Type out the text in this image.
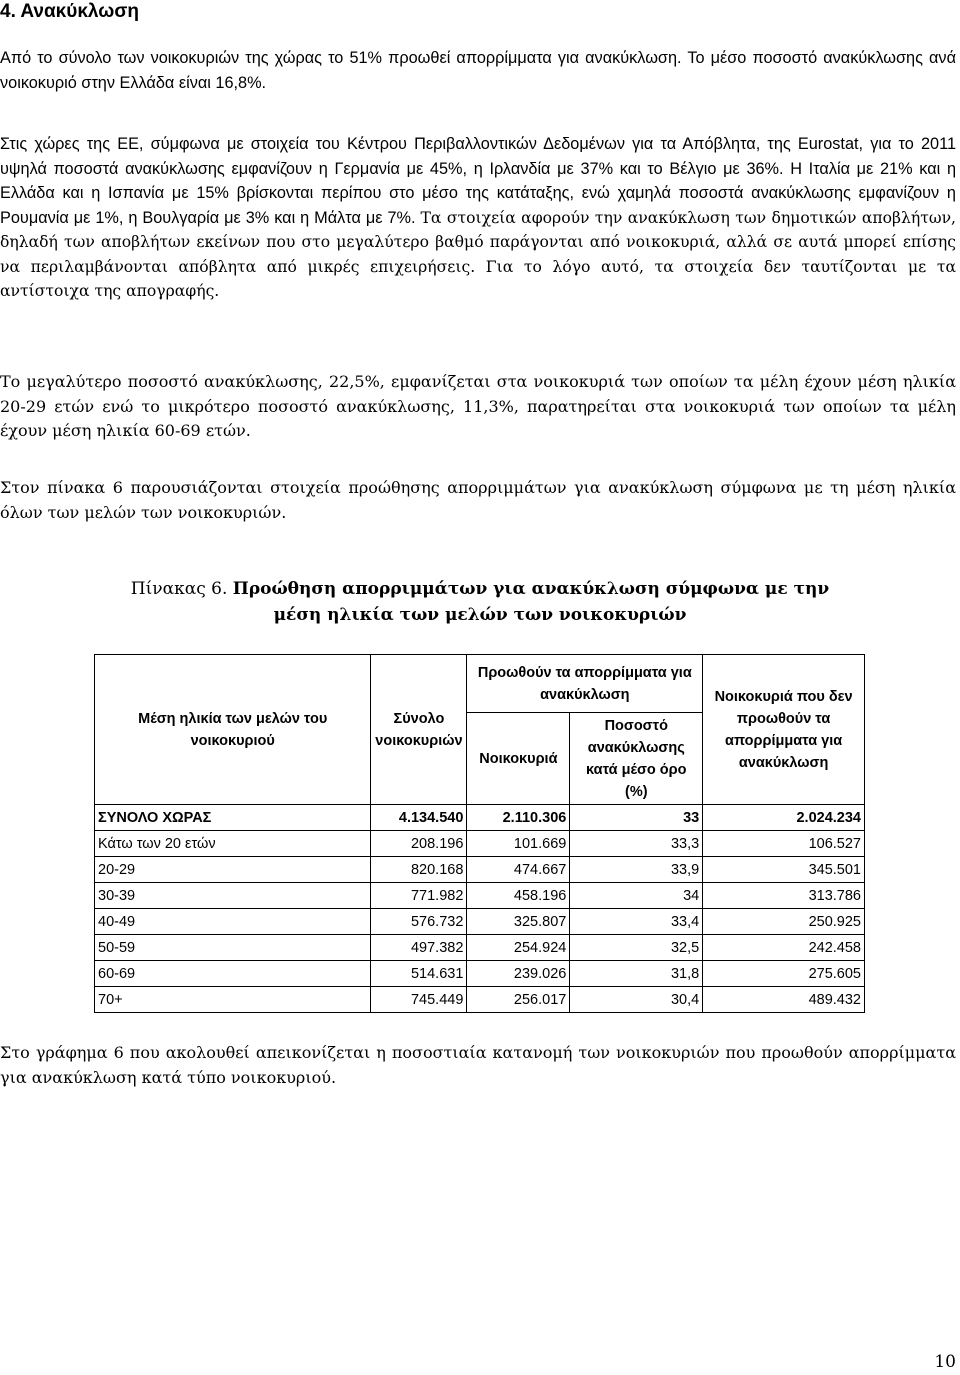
4. Ανακύκλωση

Από το σύνολο των νοικοκυριών της χώρας το 51% προωθεί απορρίμματα για ανακύκλωση. Το μέσο ποσοστό ανακύκλωσης ανά νοικοκυριό στην Ελλάδα είναι 16,8%.

Στις χώρες της ΕΕ, σύμφωνα με στοιχεία του Κέντρου Περιβαλλοντικών Δεδομένων για τα Απόβλητα, της Eurostat, για το 2011 υψηλά ποσοστά ανακύκλωσης εμφανίζουν η Γερμανία με 45%, η Ιρλανδία με 37% και το Βέλγιο με 36%. Η Ιταλία με 21% και η Ελλάδα και η Ισπανία με 15% βρίσκονται περίπου στο μέσο της κατάταξης, ενώ χαμηλά ποσοστά ανακύκλωσης εμφανίζουν η Ρουμανία με 1%, η Βουλγαρία με 3% και η Μάλτα με 7%. Τα στοιχεία αφορούν την ανακύκλωση των δημοτικών αποβλήτων, δηλαδή των αποβλήτων εκείνων που στο μεγαλύτερο βαθμό παράγονται από νοικοκυριά, αλλά σε αυτά μπορεί επίσης να περιλαμβάνονται απόβλητα από μικρές επιχειρήσεις. Για το λόγο αυτό, τα στοιχεία δεν ταυτίζονται με τα αντίστοιχα της απογραφής.

Το μεγαλύτερο ποσοστό ανακύκλωσης, 22,5%, εμφανίζεται στα νοικοκυριά των οποίων τα μέλη έχουν μέση ηλικία 20-29 ετών ενώ το μικρότερο ποσοστό ανακύκλωσης, 11,3%, παρατηρείται στα νοικοκυριά των οποίων τα μέλη έχουν μέση ηλικία 60-69 ετών.

Στον πίνακα 6 παρουσιάζονται στοιχεία προώθησης απορριμμάτων για ανακύκλωση σύμφωνα με τη μέση ηλικία όλων των μελών των νοικοκυριών.

Πίνακας 6. Προώθηση απορριμμάτων για ανακύκλωση σύμφωνα με την
μέση ηλικία των μελών των νοικοκυριών
Μέση ηλικία των μελών του νοικοκυριού	Σύνολο νοικοκυριών	Προωθούν τα απορρίμματα για ανακύκλωση		Νοικοκυριά που δεν προωθούν τα απορρίμματα για ανακύκλωση
		Νοικοκυριά	Ποσοστό ανακύκλωσης κατά μέσο όρο (%)	
ΣΥΝΟΛΟ ΧΩΡΑΣ	4.134.540	2.110.306	33	2.024.234
Κάτω των 20 ετών	208.196	101.669	33,3	106.527
20-29	820.168	474.667	33,9	345.501
30-39	771.982	458.196	34	313.786
40-49	576.732	325.807	33,4	250.925
50-59	497.382	254.924	32,5	242.458
60-69	514.631	239.026	31,8	275.605
70+	745.449	256.017	30,4	489.432

Στο γράφημα 6 που ακολουθεί απεικονίζεται η ποσοστιαία κατανομή των νοικοκυριών που προωθούν απορρίμματα για ανακύκλωση κατά τύπο νοικοκυριού.

10
